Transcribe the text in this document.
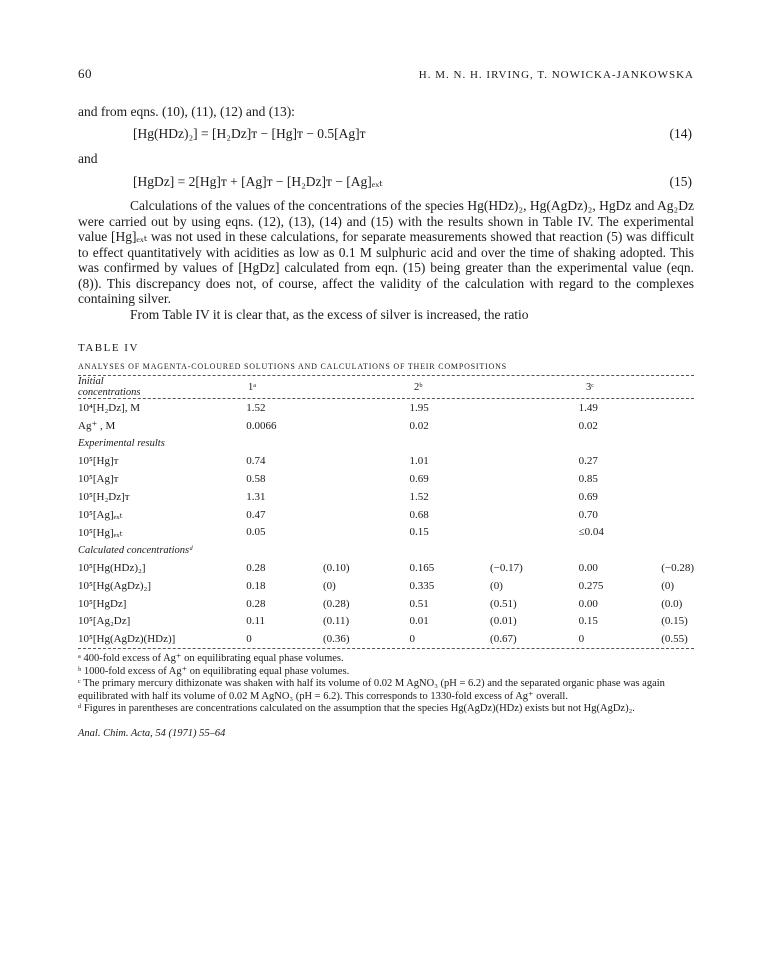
60	H. M. N. H. IRVING, T. NOWICKA-JANKOWSKA
and from eqns. (10), (11), (12) and (13):
[Hg(HDz)₂] = [H₂Dz]ᴛ − [Hg]ᴛ − 0.5[Ag]ᴛ	(14)
and
[HgDz] = 2[Hg]ᴛ + [Ag]ᴛ − [H₂Dz]ᴛ − [Ag]ₑₓₜ	(15)

Calculations of the values of the concentrations of the species Hg(HDz)₂, Hg(AgDz)₂, HgDz and Ag₂Dz were carried out by using eqns. (12), (13), (14) and (15) with the results shown in Table IV. The experimental value [Hg]ₑₓₜ was not used in these calculations, for separate measurements showed that reaction (5) was difficult to effect quantitatively with acidities as low as 0.1 M sulphuric acid and over the time of shaking adopted. This was confirmed by values of [HgDz] calculated from eqn. (15) being greater than the experimental value (eqn. (8)). This discrepancy does not, of course, affect the validity of the calculation with regard to the complexes containing silver.

From Table IV it is clear that, as the excess of silver is increased, the ratio

TABLE IV
ANALYSES OF MAGENTA-COLOURED SOLUTIONS AND CALCULATIONS OF THEIR COMPOSITIONS
Initial
concentrations	1ᵃ		2ᵇ		3ᶜ	
10⁴[H₂Dz], M	1.52		1.95		1.49	
Ag⁺ , M	0.0066		0.02		0.02	
Experimental results						
10⁵[Hg]ᴛ	0.74		1.01		0.27	
10⁵[Ag]ᴛ	0.58		0.69		0.85	
10⁵[H₂Dz]ᴛ	1.31		1.52		0.69	
10⁵[Ag]ₑₓₜ	0.47		0.68		0.70	
10⁵[Hg]ₑₓₜ	0.05		0.15		≤0.04	
Calculated concentrationsᵈ						
10⁵[Hg(HDz)₂]	0.28	(0.10)	0.165	(−0.17)	0.00	(−0.28)
10⁵[Hg(AgDz)₂]	0.18	(0)	0.335	(0)	0.275	(0)
10⁵[HgDz]	0.28	(0.28)	0.51	(0.51)	0.00	(0.0)
10⁵[Ag₂Dz]	0.11	(0.11)	0.01	(0.01)	0.15	(0.15)
10⁵[Hg(AgDz)(HDz)]	0	(0.36)	0	(0.67)	0	(0.55)

ᵃ 400-fold excess of Ag⁺ on equilibrating equal phase volumes.

ᵇ 1000-fold excess of Ag⁺ on equilibrating equal phase volumes.

ᶜ The primary mercury dithizonate was shaken with half its volume of 0.02 M AgNO₃ (pH = 6.2) and the separated organic phase was again equilibrated with half its volume of 0.02 M AgNO₃ (pH = 6.2). This corresponds to 1330-fold excess of Ag⁺ overall.

ᵈ Figures in parentheses are concentrations calculated on the assumption that the species Hg(AgDz)(HDz) exists but not Hg(AgDz)₂.

Anal. Chim. Acta, 54 (1971) 55–64
